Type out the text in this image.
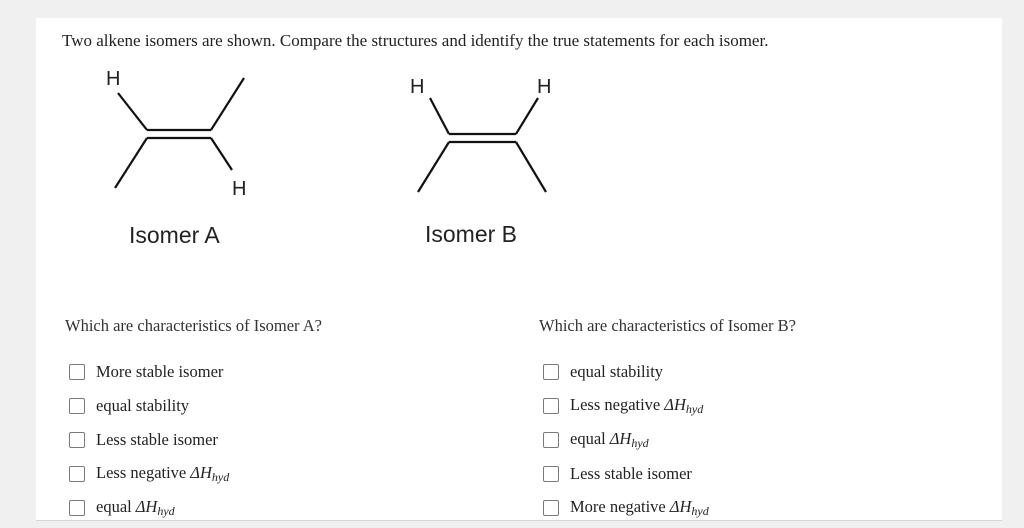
Two alkene isomers are shown. Compare the structures and identify the true statements for each isomer.

H
H
Isomer A
H	H
Isomer B

Which are characteristics of Isomer A?	Which are characteristics of Isomer B?

More stable isomer
equal stability
Less stable isomer
Less negative $\Delta H_{hyd}$
equal $\Delta H_{hyd}$
equal stability
Less negative $\Delta H_{hyd}$
equal $\Delta H_{hyd}$
Less stable isomer
More negative $\Delta H_{hyd}$
